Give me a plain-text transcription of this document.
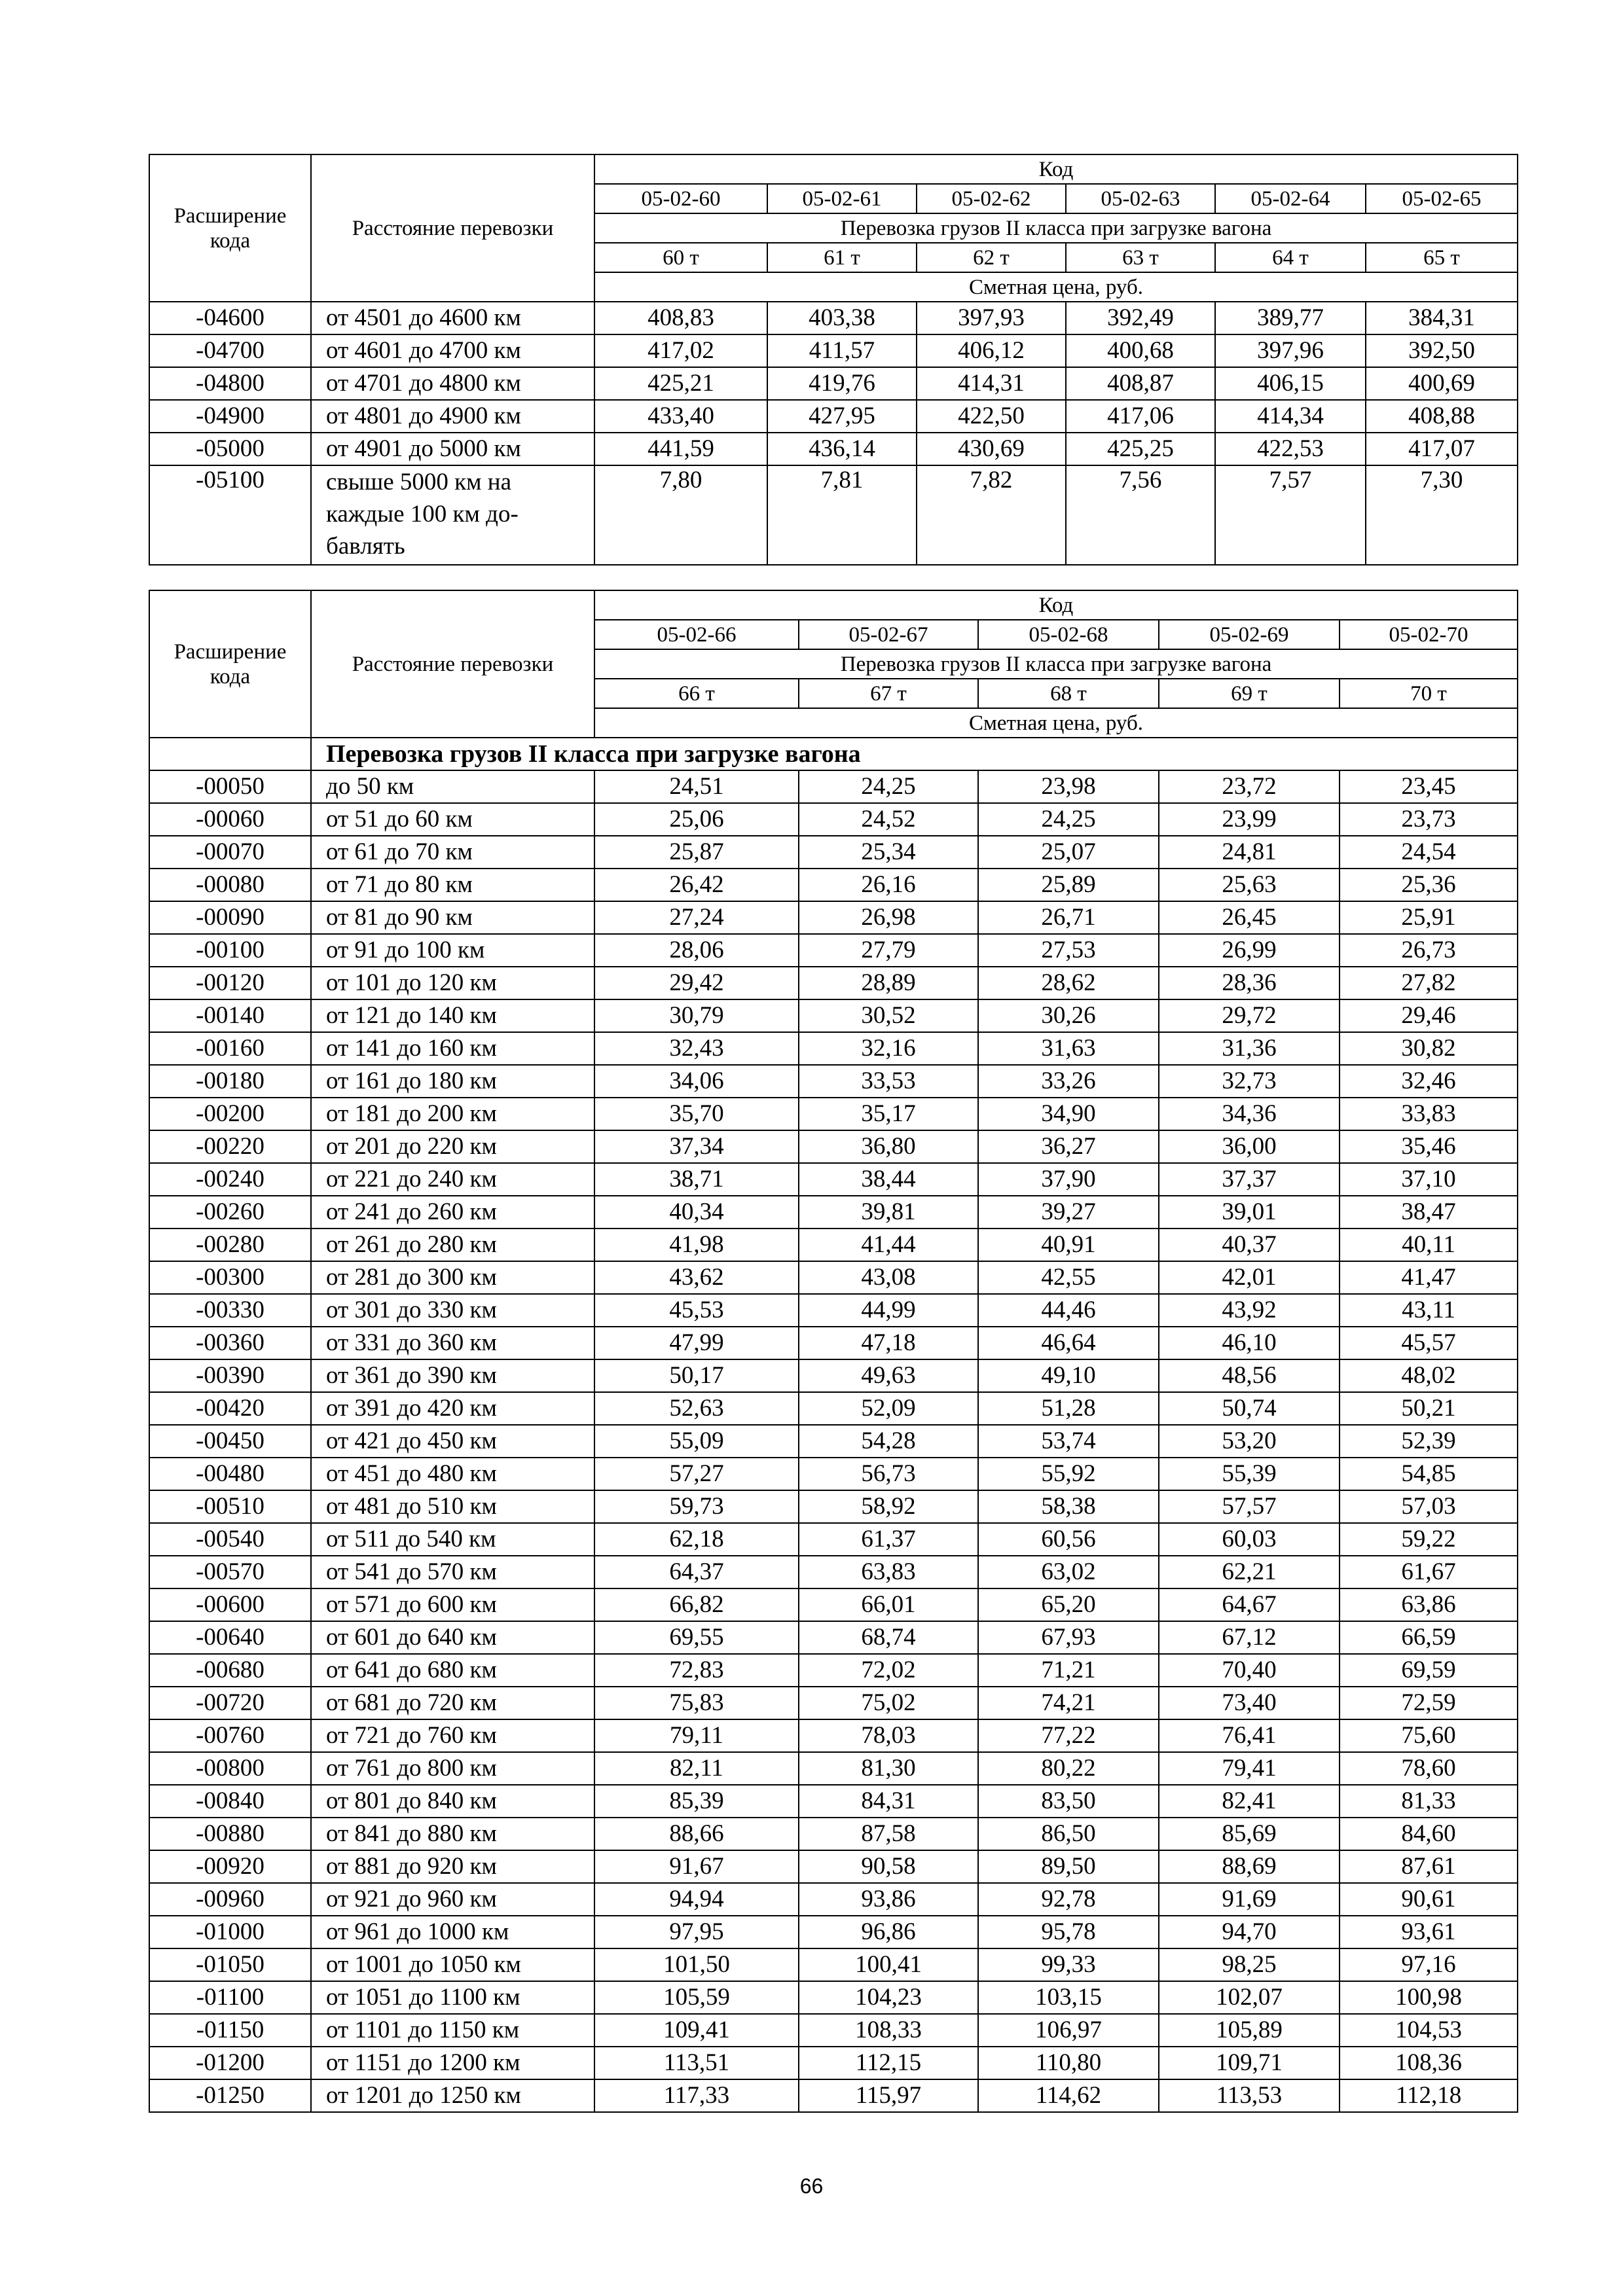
Расширение кода	Расстояние перевозки	Код					
		05-02-60	05-02-61	05-02-62	05-02-63	05-02-64	05-02-65
		Перевозка грузов II класса при загрузке вагона					
		60 т	61 т	62 т	63 т	64 т	65 т
		Сметная цена, руб.					
-04600	от 4501 до 4600 км	408,83	403,38	397,93	392,49	389,77	384,31
-04700	от 4601 до 4700 км	417,02	411,57	406,12	400,68	397,96	392,50
-04800	от 4701 до 4800 км	425,21	419,76	414,31	408,87	406,15	400,69
-04900	от 4801 до 4900 км	433,40	427,95	422,50	417,06	414,34	408,88
-05000	от 4901 до 5000 км	441,59	436,14	430,69	425,25	422,53	417,07
-05100	свыше 5000 км на каждые 100 км до-бавлять	7,80	7,81	7,82	7,56	7,57	7,30
Расширение кода	Расстояние перевозки	Код				
		05-02-66	05-02-67	05-02-68	05-02-69	05-02-70
		Перевозка грузов II класса при загрузке вагона				
		66 т	67 т	68 т	69 т	70 т
		Сметная цена, руб.				
	Перевозка грузов II класса при загрузке вагона					
-00050	до 50 км	24,51	24,25	23,98	23,72	23,45
-00060	от 51 до 60 км	25,06	24,52	24,25	23,99	23,73
-00070	от 61 до 70 км	25,87	25,34	25,07	24,81	24,54
-00080	от 71 до 80 км	26,42	26,16	25,89	25,63	25,36
-00090	от 81 до 90 км	27,24	26,98	26,71	26,45	25,91
-00100	от 91 до 100 км	28,06	27,79	27,53	26,99	26,73
-00120	от 101 до 120 км	29,42	28,89	28,62	28,36	27,82
-00140	от 121 до 140 км	30,79	30,52	30,26	29,72	29,46
-00160	от 141 до 160 км	32,43	32,16	31,63	31,36	30,82
-00180	от 161 до 180 км	34,06	33,53	33,26	32,73	32,46
-00200	от 181 до 200 км	35,70	35,17	34,90	34,36	33,83
-00220	от 201 до 220 км	37,34	36,80	36,27	36,00	35,46
-00240	от 221 до 240 км	38,71	38,44	37,90	37,37	37,10
-00260	от 241 до 260 км	40,34	39,81	39,27	39,01	38,47
-00280	от 261 до 280 км	41,98	41,44	40,91	40,37	40,11
-00300	от 281 до 300 км	43,62	43,08	42,55	42,01	41,47
-00330	от 301 до 330 км	45,53	44,99	44,46	43,92	43,11
-00360	от 331 до 360 км	47,99	47,18	46,64	46,10	45,57
-00390	от 361 до 390 км	50,17	49,63	49,10	48,56	48,02
-00420	от 391 до 420 км	52,63	52,09	51,28	50,74	50,21
-00450	от 421 до 450 км	55,09	54,28	53,74	53,20	52,39
-00480	от 451 до 480 км	57,27	56,73	55,92	55,39	54,85
-00510	от 481 до 510 км	59,73	58,92	58,38	57,57	57,03
-00540	от 511 до 540 км	62,18	61,37	60,56	60,03	59,22
-00570	от 541 до 570 км	64,37	63,83	63,02	62,21	61,67
-00600	от 571 до 600 км	66,82	66,01	65,20	64,67	63,86
-00640	от 601 до 640 км	69,55	68,74	67,93	67,12	66,59
-00680	от 641 до 680 км	72,83	72,02	71,21	70,40	69,59
-00720	от 681 до 720 км	75,83	75,02	74,21	73,40	72,59
-00760	от 721 до 760 км	79,11	78,03	77,22	76,41	75,60
-00800	от 761 до 800 км	82,11	81,30	80,22	79,41	78,60
-00840	от 801 до 840 км	85,39	84,31	83,50	82,41	81,33
-00880	от 841 до 880 км	88,66	87,58	86,50	85,69	84,60
-00920	от 881 до 920 км	91,67	90,58	89,50	88,69	87,61
-00960	от 921 до 960 км	94,94	93,86	92,78	91,69	90,61
-01000	от 961 до 1000 км	97,95	96,86	95,78	94,70	93,61
-01050	от 1001 до 1050 км	101,50	100,41	99,33	98,25	97,16
-01100	от 1051 до 1100 км	105,59	104,23	103,15	102,07	100,98
-01150	от 1101 до 1150 км	109,41	108,33	106,97	105,89	104,53
-01200	от 1151 до 1200 км	113,51	112,15	110,80	109,71	108,36
-01250	от 1201 до 1250 км	117,33	115,97	114,62	113,53	112,18
66
